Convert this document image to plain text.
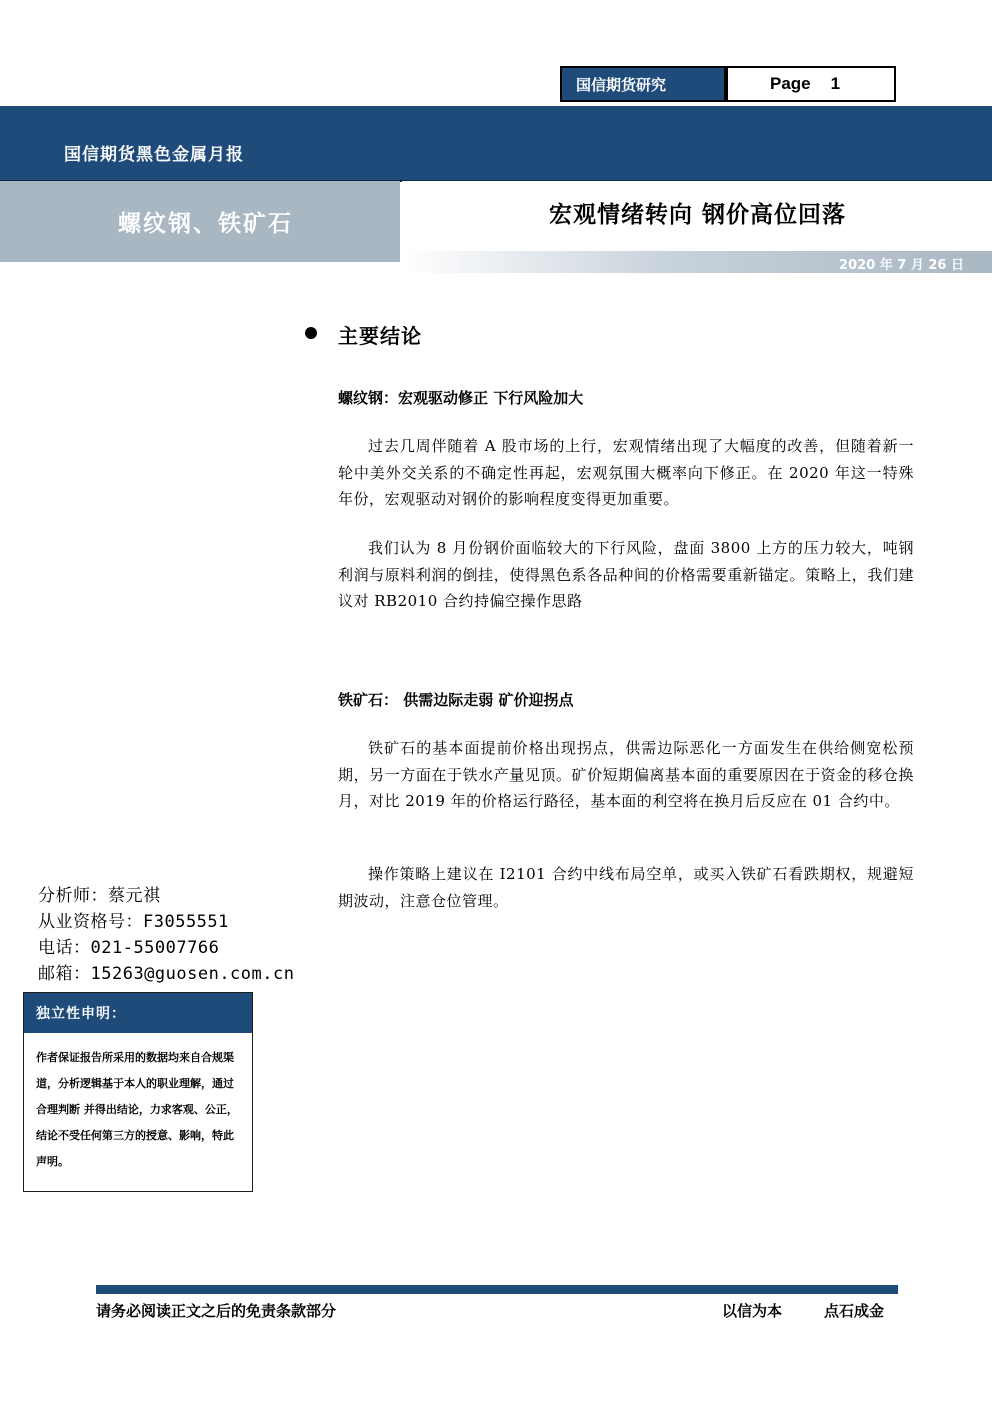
国信期货研究	Page 1
国信期货黑色金属月报
螺纹钢、铁矿石	宏观情绪转向 钢价高位回落
2020 年 7 月 26 日
主要结论
螺纹钢：宏观驱动修正 下行风险加大

过去几周伴随着 A 股市场的上行，宏观情绪出现了大幅度的改善，但随着新一轮中美外交关系的不确定性再起，宏观氛围大概率向下修正。在 2020 年这一特殊年份，宏观驱动对钢价的影响程度变得更加重要。

我们认为 8 月份钢价面临较大的下行风险，盘面 3800 上方的压力较大，吨钢利润与原料利润的倒挂，使得黑色系各品种间的价格需要重新锚定。策略上，我们建议对 RB2010 合约持偏空操作思路

铁矿石： 供需边际走弱 矿价迎拐点

铁矿石的基本面提前价格出现拐点，供需边际恶化一方面发生在供给侧宽松预期，另一方面在于铁水产量见顶。矿价短期偏离基本面的重要原因在于资金的移仓换月，对比 2019 年的价格运行路径，基本面的利空将在换月后反应在 01 合约中。

操作策略上建议在 I2101 合约中线布局空单，或买入铁矿石看跌期权，规避短期波动，注意仓位管理。

分析师：蔡元祺
从业资格号：F3055551
电话：021-55007766
邮箱：15263@guosen.com.cn
独立性申明：
作者保证报告所采用的数据均来自合规渠道，分析逻辑基于本人的职业理解，通过合理判断 并得出结论，力求客观、公正，结论不受任何第三方的授意、影响，特此声明。
请务必阅读正文之后的免责条款部分	以信为本	点石成金
